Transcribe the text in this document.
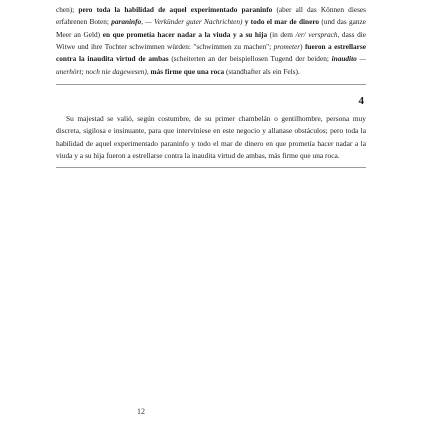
chen); pero toda la habilidad de aquel experimentado paraninfo (aber all das Können dieses erfahrenen Boten; paraninfo, — Verkünder guter Nachrichten) y todo el mar de dinero (und das ganze Meer an Geld) en que prometía hacer nadar a la viuda y a su hija (in dem /er/ versprach, dass die Witwe und ihre Tochter schwimmen würden: "schwimmen zu machen"; prometer) fueron a estrellarse contra la inaudita virtud de ambas (scheiterten an der beispiellosen Tugend der beiden; inaudito — unerhört; noch nie dagewesen), más firme que una roca (standhafter als ein Fels).

4

Su majestad se valió, según costumbre, de su primer chambelán o gentilhombre, persona muy discreta, sigilosa e insinuante, para que interviniese en este negocio y allanase obstáculos; pero toda la habilidad de aquel experimentado paraninfo y todo el mar de dinero en que prometía hacer nadar a la viuda y a su hija fueron a estrellarse contra la inaudita virtud de ambas, más firme que una roca.

12
